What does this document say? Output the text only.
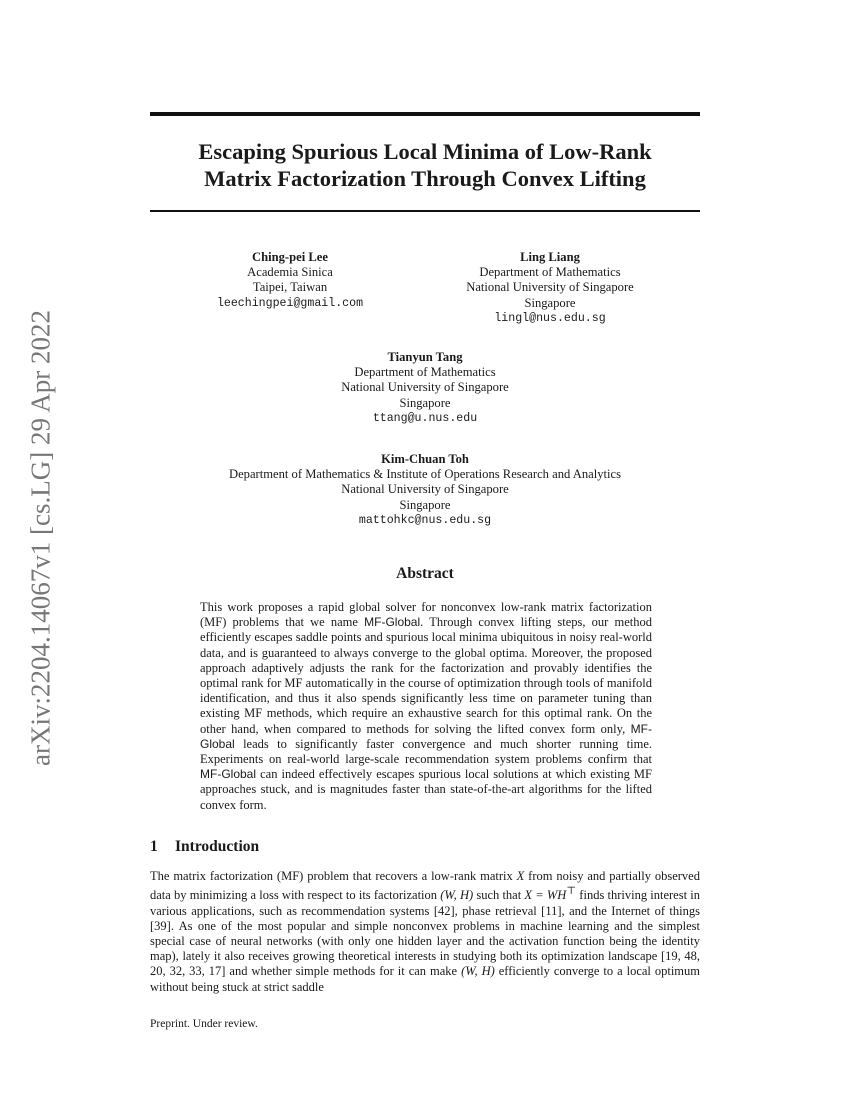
Escaping Spurious Local Minima of Low-Rank
Matrix Factorization Through Convex Lifting
arXiv:2204.14067v1 [cs.LG] 29 Apr 2022
Ching-pei Lee
Academia Sinica
Taipei, Taiwan
leechingpei@gmail.com
Ling Liang
Department of Mathematics
National University of Singapore
Singapore
lingl@nus.edu.sg
Tianyun Tang
Department of Mathematics
National University of Singapore
Singapore
ttang@u.nus.edu
Kim-Chuan Toh
Department of Mathematics & Institute of Operations Research and Analytics
National University of Singapore
Singapore
mattohkc@nus.edu.sg
Abstract

This work proposes a rapid global solver for nonconvex low-rank matrix factorization (MF) problems that we name MF-Global. Through convex lifting steps, our method efficiently escapes saddle points and spurious local minima ubiquitous in noisy real-world data, and is guaranteed to always converge to the global optima. Moreover, the proposed approach adaptively adjusts the rank for the factorization and provably identifies the optimal rank for MF automatically in the course of optimization through tools of manifold identification, and thus it also spends significantly less time on parameter tuning than existing MF methods, which require an exhaustive search for this optimal rank. On the other hand, when compared to methods for solving the lifted convex form only, MF-Global leads to significantly faster convergence and much shorter running time. Experiments on real-world large-scale recommendation system problems confirm that MF-Global can indeed effectively escapes spurious local solutions at which existing MF approaches stuck, and is magnitudes faster than state-of-the-art algorithms for the lifted convex form.

1 Introduction

The matrix factorization (MF) problem that recovers a low-rank matrix X from noisy and partially observed data by minimizing a loss with respect to its factorization (W, H) such that X = WH⊤ finds thriving interest in various applications, such as recommendation systems [42], phase retrieval [11], and the Internet of things [39]. As one of the most popular and simple nonconvex problems in machine learning and the simplest special case of neural networks (with only one hidden layer and the activation function being the identity map), lately it also receives growing theoretical interests in studying both its optimization landscape [19, 48, 20, 32, 33, 17] and whether simple methods for it can make (W, H) efficiently converge to a local optimum without being stuck at strict saddle

Preprint. Under review.
